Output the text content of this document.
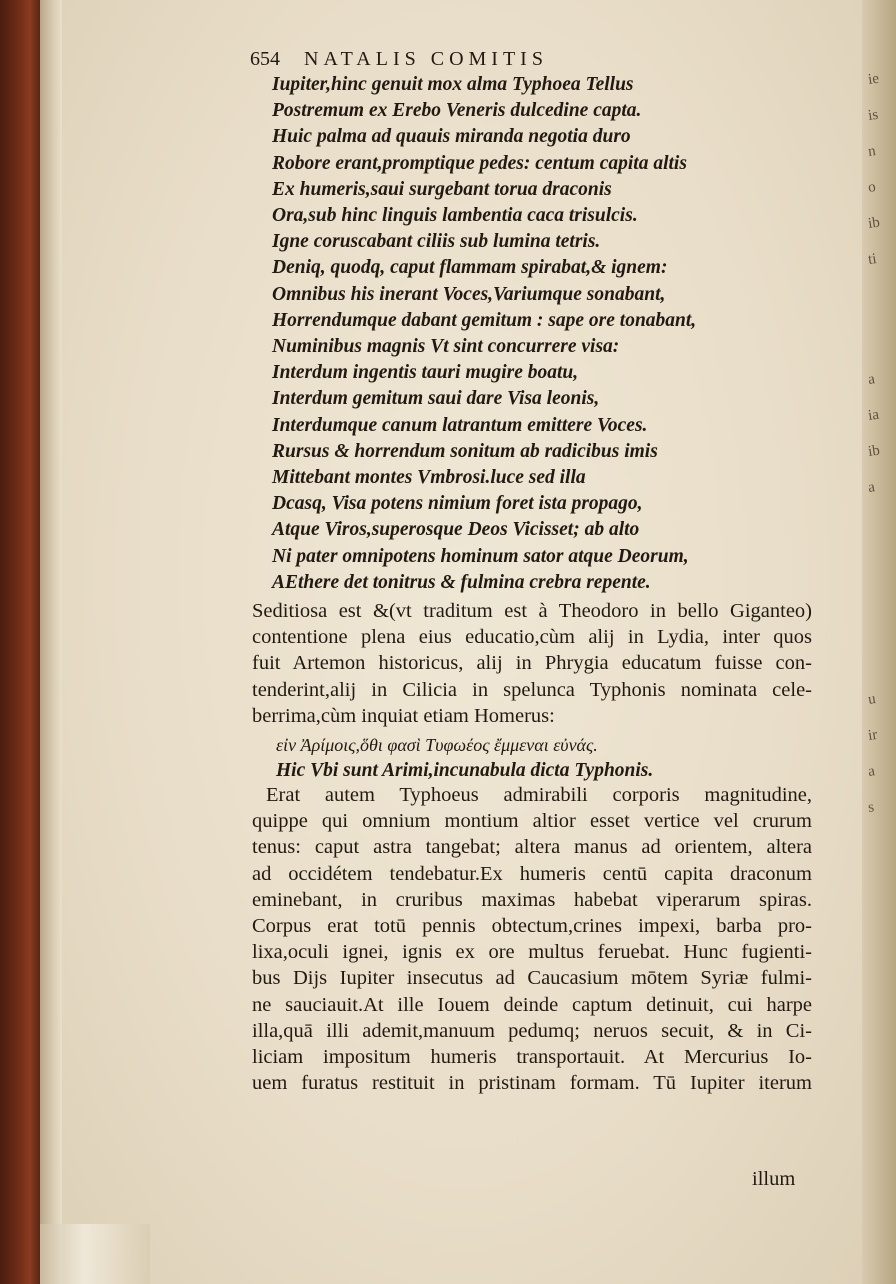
ie
is
n
o
ib
ti
a
ia
ib
a
u
ir
a
s
654 NATALIS COMITIS
Iupiter,hinc genuit mox alma Typhoea Tellus
Postremum ex Erebo Veneris dulcedine capta.
Huic palma ad quauis miranda negotia duro
Robore erant,promptique pedes: centum capita altis
Ex humeris,saui surgebant torua draconis
Ora,sub hinc linguis lambentia caca trisulcis.
Igne coruscabant ciliis sub lumina tetris.
Deniq, quodq, caput flammam spirabat,& ignem:
Omnibus his inerant Voces,Variumque sonabant,
Horrendumque dabant gemitum : sape ore tonabant,
Numinibus magnis Vt sint concurrere visa:
Interdum ingentis tauri mugire boatu,
Interdum gemitum saui dare Visa leonis,
Interdumque canum latrantum emittere Voces.
Rursus & horrendum sonitum ab radicibus imis
Mittebant montes Vmbrosi.luce sed illa
Dcasq, Visa potens nimium foret ista propago,
Atque Viros,superosque Deos Vicisset; ab alto
Ni pater omnipotens hominum sator atque Deorum,
AEthere det tonitrus & fulmina crebra repente.
Seditiosa est &(vt traditum est à Theodoro in bello Giganteo)
contentione plena eius educatio,cùm alij in Lydia, inter quos
fuit Artemon historicus, alij in Phrygia educatum fuisse con-
tenderint,alij in Cilicia in spelunca Typhonis nominata cele-
berrima,cùm inquiat etiam Homerus:
εἰν Ἀρίμοις,ὅθι φασὶ Τυφωέος ἔμμεναι εὐνάς.
Hic Vbi sunt Arimi,incunabula dicta Typhonis.
Erat autem Typhoeus admirabili corporis magnitudine,
quippe qui omnium montium altior esset vertice vel crurum
tenus: caput astra tangebat; altera manus ad orientem, altera
ad occidétem tendebatur.Ex humeris centū capita draconum
eminebant, in cruribus maximas habebat viperarum spiras.
Corpus erat totū pennis obtectum,crines impexi, barba pro-
lixa,oculi ignei, ignis ex ore multus feruebat. Hunc fugienti-
bus Dijs Iupiter insecutus ad Caucasium mōtem Syriæ fulmi-
ne sauciauit.At ille Iouem deinde captum detinuit, cui harpe
illa,quā illi ademit,manuum pedumq; neruos secuit, & in Ci-
liciam impositum humeris transportauit. At Mercurius Io-
uem furatus restituit in pristinam formam. Tū Iupiter iterum
illum
